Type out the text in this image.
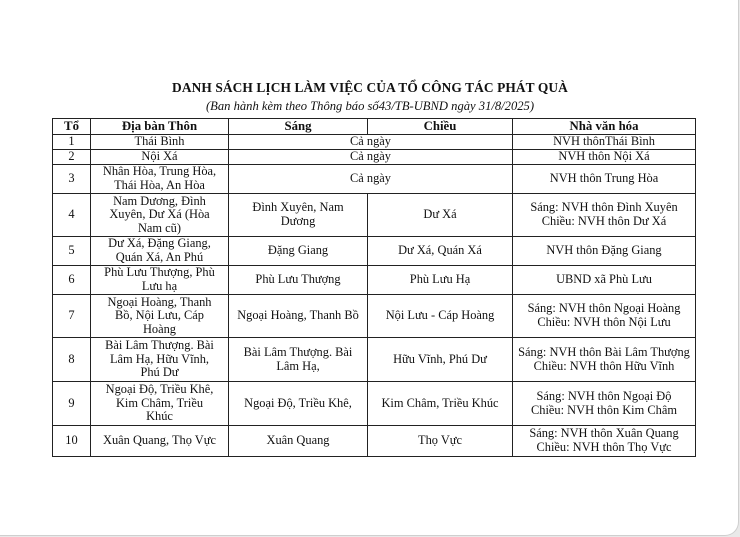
DANH SÁCH LỊCH LÀM VIỆC CỦA TỔ CÔNG TÁC PHÁT QUÀ
(Ban hành kèm theo Thông báo số43/TB-UBND ngày 31/8/2025)
Tổ	Địa bàn Thôn	Sáng	Chiều	Nhà văn hóa
1	Thái Bình	Cả ngày		NVH thônThái Bình
2	Nội Xá	Cả ngày		NVH thôn Nội Xá
3	Nhân Hòa, Trung Hòa,
Thái Hòa, An Hòa	Cả ngày		NVH thôn Trung Hòa
4	Nam Dương, Đình
Xuyên, Dư Xá (Hòa
Nam cũ)	Đình Xuyên, Nam
Dương	Dư Xá	Sáng: NVH thôn Đình Xuyên
Chiều: NVH thôn Dư Xá
5	Dư Xá, Đặng Giang,
Quán Xá, An Phú	Đặng Giang	Dư Xá, Quán Xá	NVH thôn Đặng Giang
6	Phù Lưu Thượng, Phù
Lưu hạ	Phù Lưu Thượng	Phù Lưu Hạ	UBND xã Phù Lưu
7	Ngoại Hoàng, Thanh
Bồ, Nội Lưu, Cáp
Hoàng	Ngoại Hoàng, Thanh Bồ	Nội Lưu - Cáp Hoàng	Sáng: NVH thôn Ngoại Hoàng
Chiều: NVH thôn Nội Lưu
8	Bài Lâm Thượng. Bài
Lâm Hạ, Hữu Vĩnh,
Phú Dư	Bài Lâm Thượng. Bài
Lâm Hạ,	Hữu Vĩnh, Phú Dư	Sáng: NVH thôn Bài Lâm Thượng
Chiều: NVH thôn Hữu Vĩnh
9	Ngoại Độ, Triều Khê,
Kim Châm, Triều
Khúc	Ngoại Độ, Triều Khê,	Kim Châm, Triều Khúc	Sáng: NVH thôn Ngoại Độ
Chiều: NVH thôn Kim Châm
10	Xuân Quang, Thọ Vực	Xuân Quang	Thọ Vực	Sáng: NVH thôn Xuân Quang
Chiều: NVH thôn Thọ Vực
